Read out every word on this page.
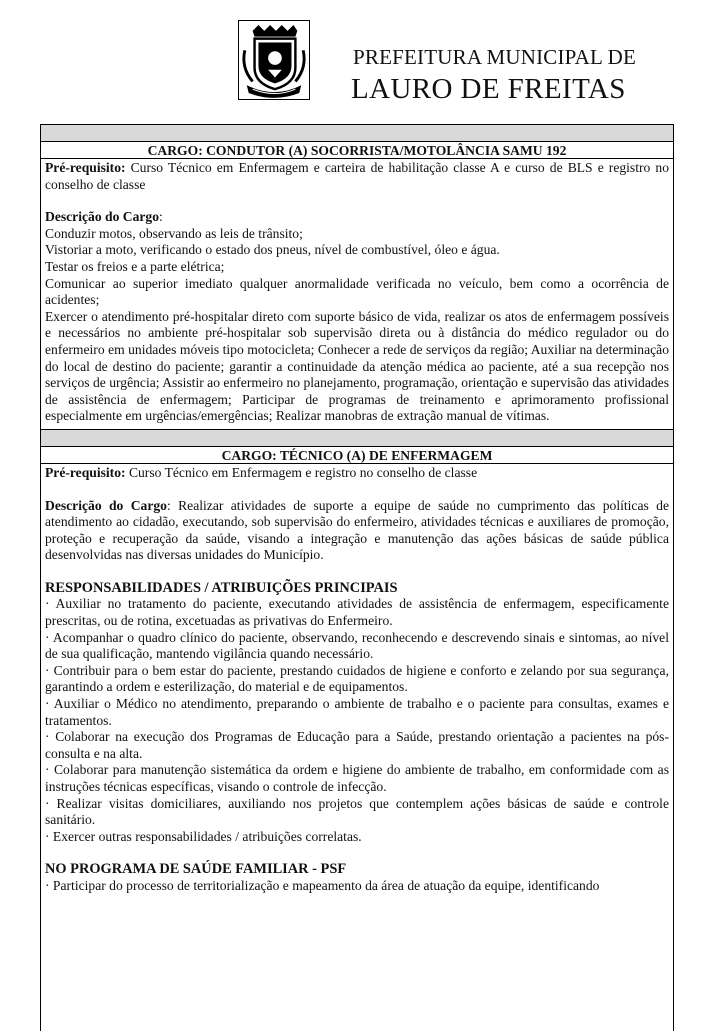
PREFEITURA MUNICIPAL DE
LAURO DE FREITAS
CARGO: CONDUTOR (A) SOCORRISTA/MOTOLÂNCIA SAMU 192

Pré-requisito: Curso Técnico em Enfermagem e carteira de habilitação classe A e curso de BLS e registro no conselho de classe

Descrição do Cargo:

Conduzir motos, observando as leis de trânsito;

Vistoriar a moto, verificando o estado dos pneus, nível de combustível, óleo e água.

Testar os freios e a parte elétrica;

Comunicar ao superior imediato qualquer anormalidade verificada no veículo, bem como a ocorrência de acidentes;

Exercer o atendimento pré-hospitalar direto com suporte básico de vida, realizar os atos de enfermagem possíveis e necessários no ambiente pré-hospitalar sob supervisão direta ou à distância do médico regulador ou do enfermeiro em unidades móveis tipo motocicleta; Conhecer a rede de serviços da região; Auxiliar na determinação do local de destino do paciente; garantir a continuidade da atenção médica ao paciente, até a sua recepção nos serviços de urgência; Assistir ao enfermeiro no planejamento, programação, orientação e supervisão das atividades de assistência de enfermagem; Participar de programas de treinamento e aprimoramento profissional especialmente em urgências/emergências; Realizar manobras de extração manual de vítimas.

CARGO: TÉCNICO (A) DE ENFERMAGEM

Pré-requisito: Curso Técnico em Enfermagem e registro no conselho de classe

Descrição do Cargo: Realizar atividades de suporte a equipe de saúde no cumprimento das políticas de atendimento ao cidadão, executando, sob supervisão do enfermeiro, atividades técnicas e auxiliares de promoção, proteção e recuperação da saúde, visando a integração e manutenção das ações básicas de saúde pública desenvolvidas nas diversas unidades do Município.

RESPONSABILIDADES / ATRIBUIÇÕES PRINCIPAIS

· Auxiliar no tratamento do paciente, executando atividades de assistência de enfermagem, especificamente prescritas, ou de rotina, excetuadas as privativas do Enfermeiro.

· Acompanhar o quadro clínico do paciente, observando, reconhecendo e descrevendo sinais e sintomas, ao nível de sua qualificação, mantendo vigilância quando necessário.

· Contribuir para o bem estar do paciente, prestando cuidados de higiene e conforto e zelando por sua segurança, garantindo a ordem e esterilização, do material e de equipamentos.

· Auxiliar o Médico no atendimento, preparando o ambiente de trabalho e o paciente para consultas, exames e tratamentos.

· Colaborar na execução dos Programas de Educação para a Saúde, prestando orientação a pacientes na pós-consulta e na alta.

· Colaborar para manutenção sistemática da ordem e higiene do ambiente de trabalho, em conformidade com as instruções técnicas específicas, visando o controle de infecção.

· Realizar visitas domiciliares, auxiliando nos projetos que contemplem ações básicas de saúde e controle sanitário.

· Exercer outras responsabilidades / atribuições correlatas.

NO PROGRAMA DE SAÚDE FAMILIAR - PSF

· Participar do processo de territorialização e mapeamento da área de atuação da equipe, identificando
